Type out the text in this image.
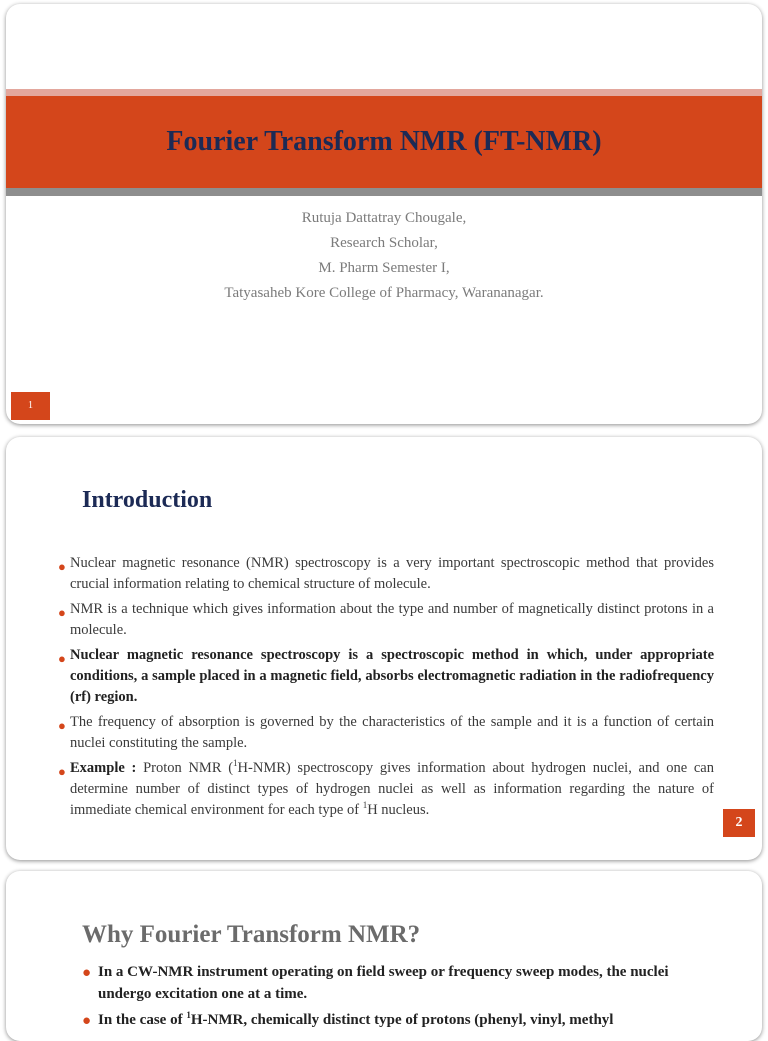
Fourier Transform NMR (FT-NMR)
Rutuja Dattatray Chougale,
Research Scholar,
M. Pharm Semester I,
Tatyasaheb Kore College of Pharmacy, Warananagar.
1
Introduction
● Nuclear magnetic resonance (NMR) spectroscopy is a very important spectroscopic method that provides crucial information relating to chemical structure of molecule.
● NMR is a technique which gives information about the type and number of magnetically distinct protons in a molecule.
● Nuclear magnetic resonance spectroscopy is a spectroscopic method in which, under appropriate conditions, a sample placed in a magnetic field, absorbs electromagnetic radiation in the radiofrequency (rf) region.
● The frequency of absorption is governed by the characteristics of the sample and it is a function of certain nuclei constituting the sample.
● Example : Proton NMR ($^1$H-NMR) spectroscopy gives information about hydrogen nuclei, and one can determine number of distinct types of hydrogen nuclei as well as information regarding the nature of immediate chemical environment for each type of $^1$H nucleus.
2
Why Fourier Transform NMR?
● In a CW-NMR instrument operating on field sweep or frequency sweep modes, the nuclei undergo excitation one at a time.
● In the case of $^1$H-NMR, chemically distinct type of protons (phenyl, vinyl, methyl
